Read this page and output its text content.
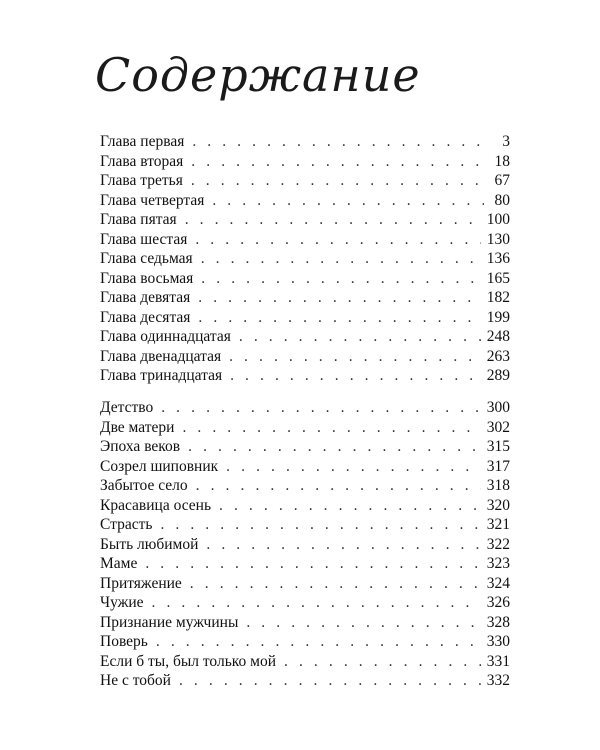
Содержание
Глава первая . . .	3
Глава вторая . . .	18
Глава третья . . .	67
Глава четвертая . . .	80
Глава пятая . . .	100
Глава шестая . . .	130
Глава седьмая . . .	136
Глава восьмая . . .	165
Глава девятая . . .	182
Глава десятая . . .	199
Глава одиннадцатая . . .	248
Глава двенадцатая . . .	263
Глава тринадцатая . . .	289
Детство . . .	300
Две матери . . .	302
Эпоха веков . . .	315
Созрел шиповник . . .	317
Забытое село . . .	318
Красавица осень . . .	320
Страсть . . .	321
Быть любимой . . .	322
Маме . . .	323
Притяжение . . .	324
Чужие . . .	326
Признание мужчины . . .	328
Поверь . . .	330
Если б ты, был только мой . . .	331
Не с тобой . . .	332
